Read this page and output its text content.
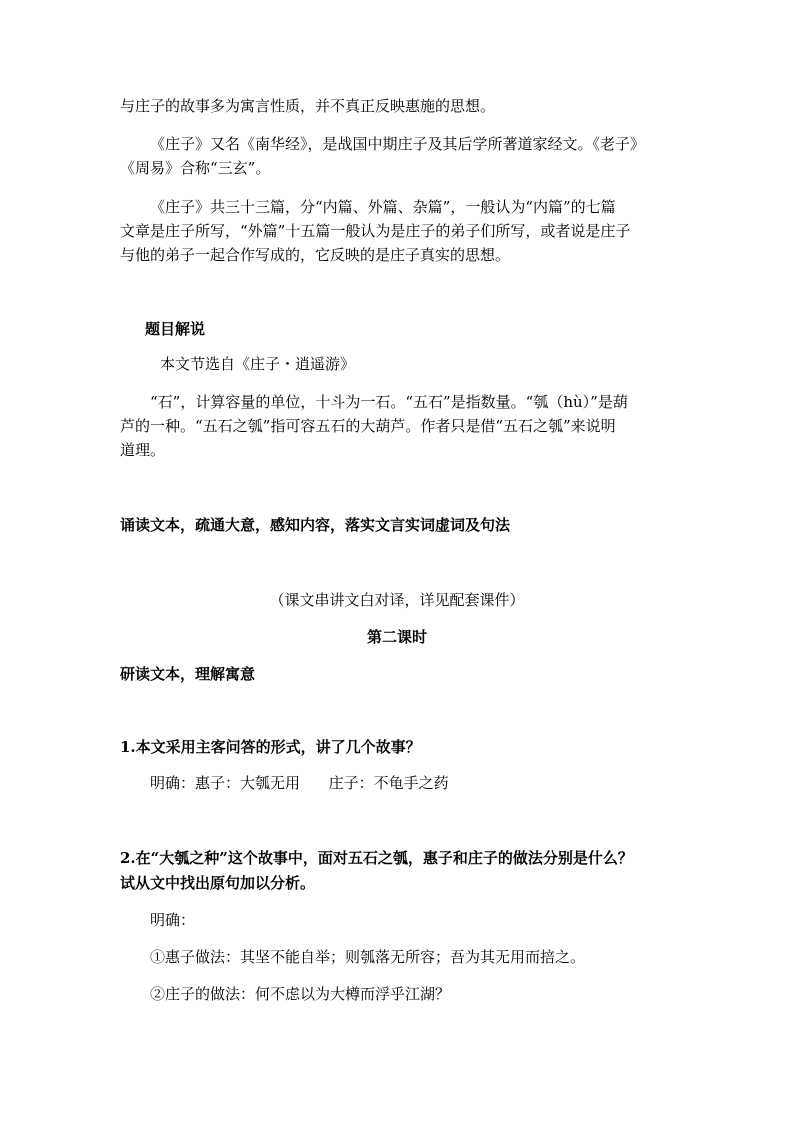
与庄子的故事多为寓言性质，并不真正反映惠施的思想。
《庄子》又名《南华经》，是战国中期庄子及其后学所著道家经文。《老子》
《周易》合称“三玄”。
《庄子》共三十三篇，分“内篇、外篇、杂篇”，一般认为“内篇”的七篇
文章是庄子所写，“外篇”十五篇一般认为是庄子的弟子们所写，或者说是庄子
与他的弟子一起合作写成的，它反映的是庄子真实的思想。
题目解说
本文节选自《庄子・逍遥游》
“石”，计算容量的单位，十斗为一石。“五石”是指数量。“瓠（hù）”是葫
芦的一种。“五石之瓠”指可容五石的大葫芦。作者只是借“五石之瓠”来说明
道理。
诵读文本，疏通大意，感知内容，落实文言实词虚词及句法
（课文串讲文白对译，详见配套课件）
第二课时
研读文本，理解寓意
1.本文采用主客问答的形式，讲了几个故事？
明确：惠子：大瓠无用      庄子：不龟手之药
2.在“大瓠之种”这个故事中，面对五石之瓠，惠子和庄子的做法分别是什么？
试从文中找出原句加以分析。
明确：
①惠子做法：其坚不能自举；则瓠落无所容；吾为其无用而掊之。
②庄子的做法：何不虑以为大樽而浮乎江湖？
